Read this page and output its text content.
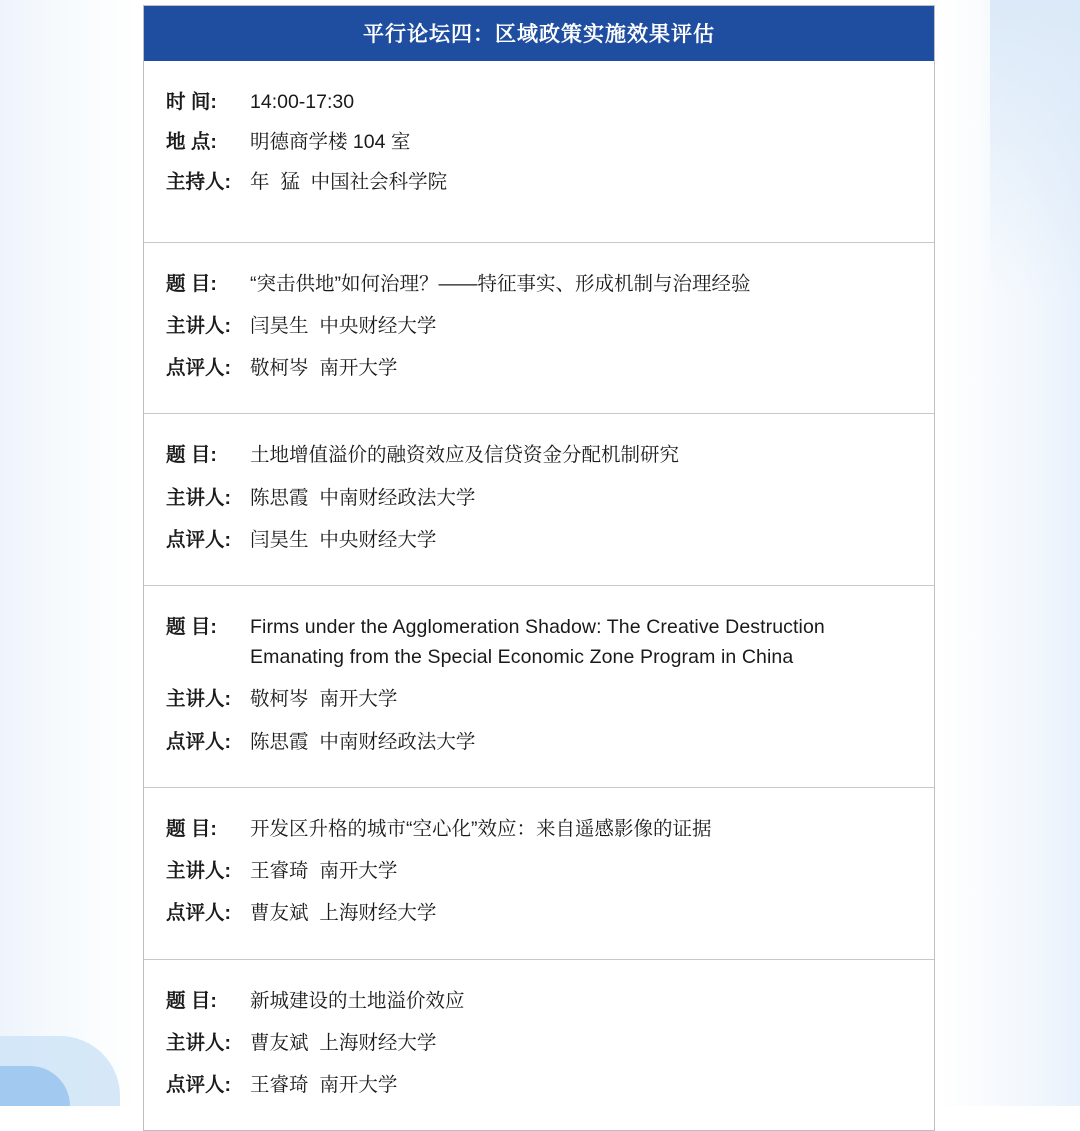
平行论坛四：区域政策实施效果评估
时 间:	14:00-17:30
地 点:	明德商学楼 104 室
主持人: 年  猛  中国社会科学院
题 目:	“突击供地”如何治理？——特征事实、形成机制与治理经验
主讲人: 闫昊生  中央财经大学
点评人: 敬柯岑  南开大学
题 目:	土地增值溢价的融资效应及信贷资金分配机制研究
主讲人: 陈思霞  中南财经政法大学
点评人: 闫昊生  中央财经大学
题 目:	Firms under the Agglomeration Shadow: The Creative Destruction Emanating from the Special Economic Zone Program in China
主讲人: 敬柯岑  南开大学
点评人: 陈思霞  中南财经政法大学
题 目:	开发区升格的城市“空心化”效应：来自遥感影像的证据
主讲人: 王睿琦  南开大学
点评人: 曹友斌  上海财经大学
题 目:	新城建设的土地溢价效应
主讲人: 曹友斌  上海财经大学
点评人: 王睿琦  南开大学
